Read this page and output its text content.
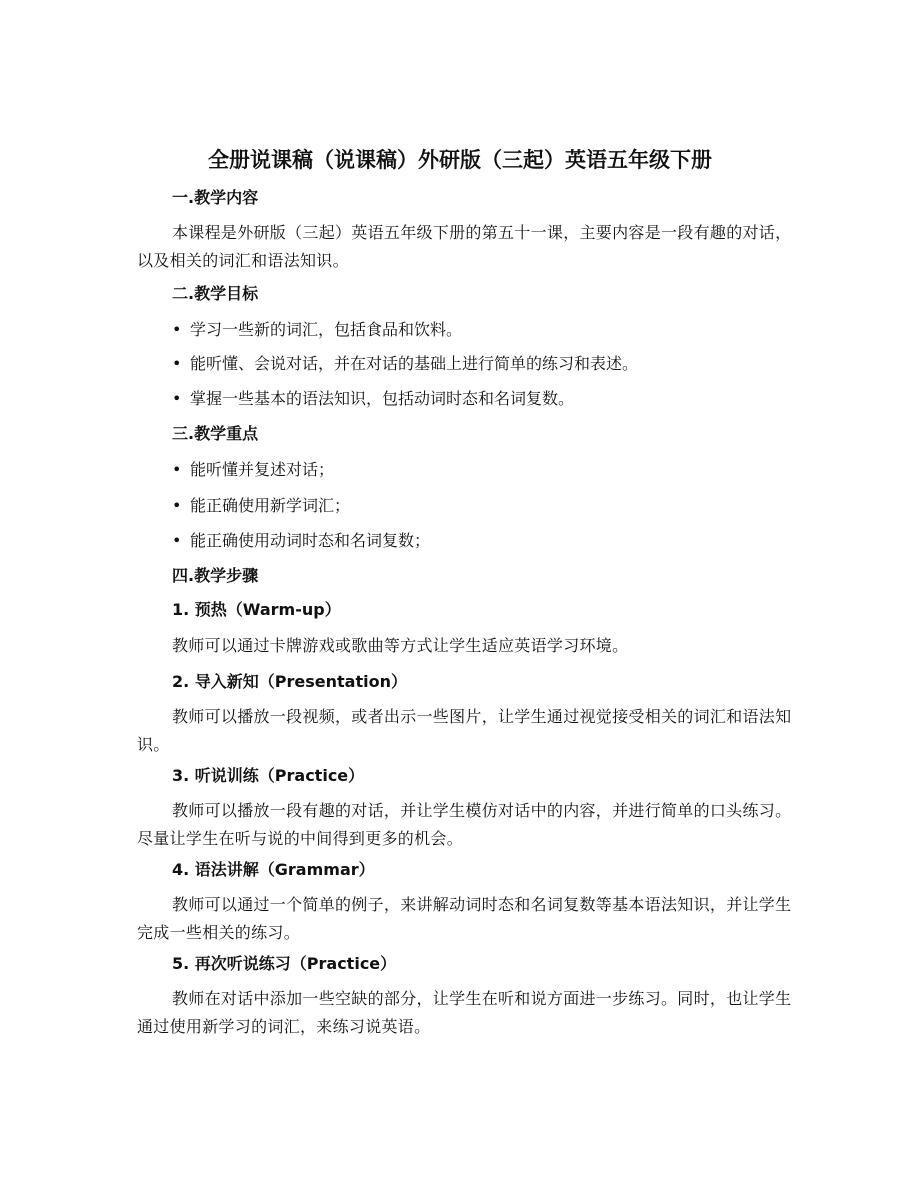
全册说课稿（说课稿）外研版（三起）英语五年级下册
一.教学内容

本课程是外研版（三起）英语五年级下册的第五十一课，主要内容是一段有趣的对话，以及相关的词汇和语法知识。

二.教学目标
• 学习一些新的词汇，包括食品和饮料。
• 能听懂、会说对话，并在对话的基础上进行简单的练习和表述。
• 掌握一些基本的语法知识，包括动词时态和名词复数。
三.教学重点
• 能听懂并复述对话；
• 能正确使用新学词汇；
• 能正确使用动词时态和名词复数；
四.教学步骤
1. 预热（Warm-up）

教师可以通过卡牌游戏或歌曲等方式让学生适应英语学习环境。

2. 导入新知（Presentation）

教师可以播放一段视频，或者出示一些图片，让学生通过视觉接受相关的词汇和语法知识。

3. 听说训练（Practice）

教师可以播放一段有趣的对话，并让学生模仿对话中的内容，并进行简单的口头练习。尽量让学生在听与说的中间得到更多的机会。

4. 语法讲解（Grammar）

教师可以通过一个简单的例子，来讲解动词时态和名词复数等基本语法知识，并让学生完成一些相关的练习。

5. 再次听说练习（Practice）

教师在对话中添加一些空缺的部分，让学生在听和说方面进一步练习。同时，也让学生通过使用新学习的词汇，来练习说英语。
